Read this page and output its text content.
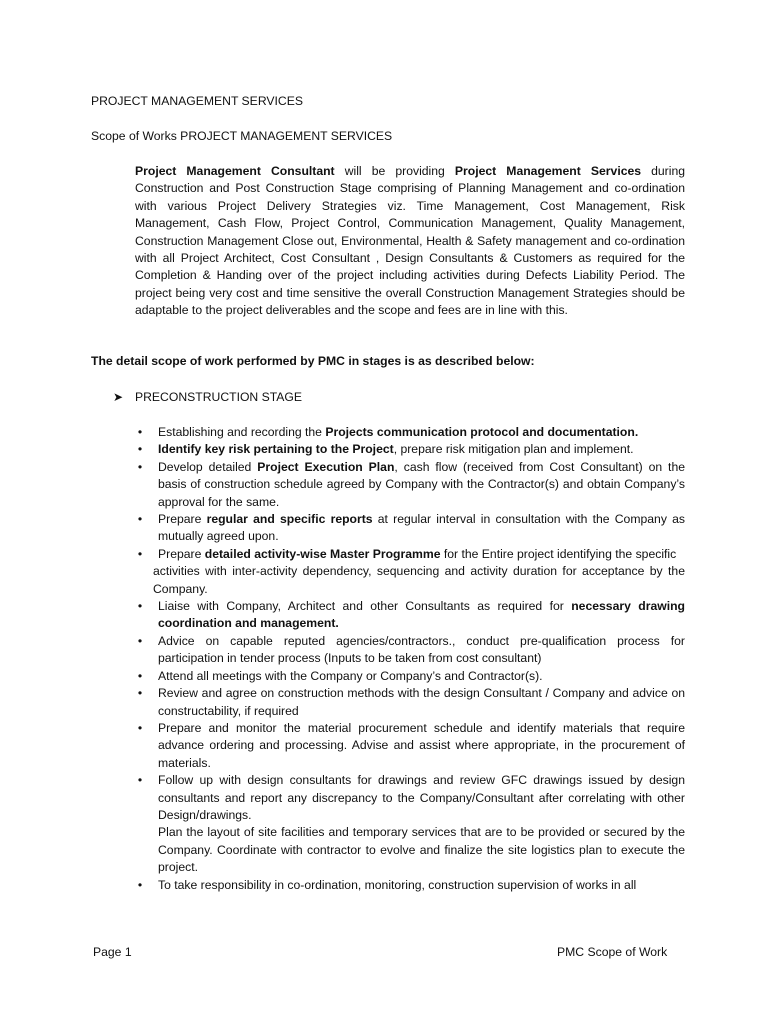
PROJECT MANAGEMENT SERVICES
Scope of Works PROJECT MANAGEMENT SERVICES

Project Management Consultant will be providing Project Management Services during Construction and Post Construction Stage comprising of Planning Management and co-ordination with various Project Delivery Strategies viz. Time Management, Cost Management, Risk Management, Cash Flow, Project Control, Communication Management, Quality Management, Construction Management Close out, Environmental, Health & Safety management and co-ordination with all Project Architect, Cost Consultant , Design Consultants & Customers as required for the Completion & Handing over of the project including activities during Defects Liability Period. The project being very cost and time sensitive the overall Construction Management Strategies should be adaptable to the project deliverables and the scope and fees are in line with this.

The detail scope of work performed by PMC in stages is as described below:
➤ PRECONSTRUCTION STAGE
• Establishing and recording the Projects communication protocol and documentation.
• Identify key risk pertaining to the Project, prepare risk mitigation plan and implement.
• Develop detailed Project Execution Plan, cash flow (received from Cost Consultant) on the basis of construction schedule agreed by Company with the Contractor(s) and obtain Company’s approval for the same.
• Prepare regular and specific reports at regular interval in consultation with the Company as mutually agreed upon.
• Prepare detailed activity-wise Master Programme for the Entire project identifying the specific
activities with inter-activity dependency, sequencing and activity duration for acceptance by the Company.
• Liaise with Company, Architect and other Consultants as required for necessary drawing coordination and management.
• Advice on capable reputed agencies/contractors., conduct pre-qualification process for participation in tender process (Inputs to be taken from cost consultant)
• Attend all meetings with the Company or Company’s and Contractor(s).
• Review and agree on construction methods with the design Consultant / Company and advice on constructability, if required
• Prepare and monitor the material procurement schedule and identify materials that require advance ordering and processing. Advise and assist where appropriate, in the procurement of materials.
• Follow up with design consultants for drawings and review GFC drawings issued by design consultants and report any discrepancy to the Company/Consultant after correlating with other Design/drawings.
Plan the layout of site facilities and temporary services that are to be provided or secured by the Company. Coordinate with contractor to evolve and finalize the site logistics plan to execute the project.
• To take responsibility in co-ordination, monitoring, construction supervision of works in all
Page 1	PMC Scope of Work
